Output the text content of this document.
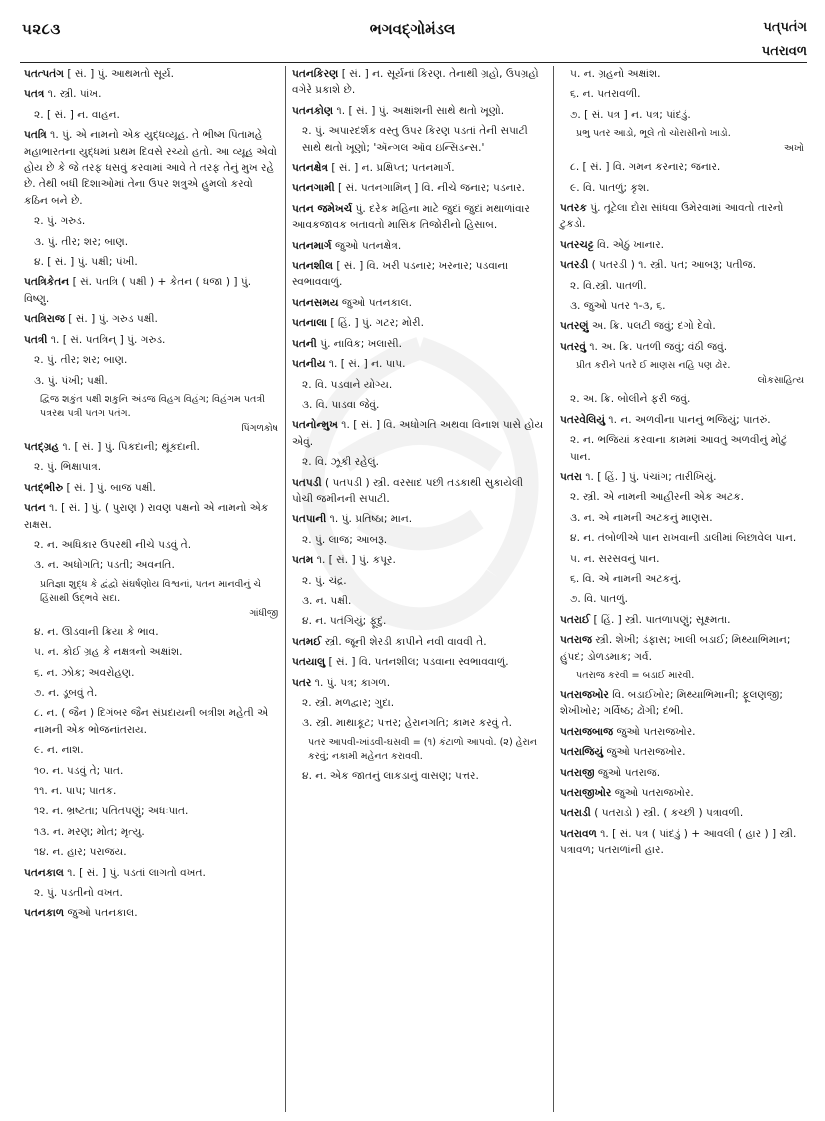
૫૨૮૩	ભગવદ્ગોમંડલ	પત્‌પતંગ
પતરાવળ
પતત્પતંગ [ સં. ] પું. આથમતો સૂર્ય.
પતત્ર ૧. સ્ત્રી. પાંખ.
૨. [ સં. ] ન. વાહન.
પતત્રિ ૧. પું. એ નામનો એક યુદ્ધવ્યૂહ. તે ભીષ્મ પિતામહે મહાભારતના યુદ્ધમાં પ્રથમ દિવસે રચ્યો હતો. આ વ્યૂહ એવો હોય છે કે જે તરફ ધસવું કરવામાં આવે તે તરફ તેનું મુખ રહે છે. તેથી બધી દિશાઓમાં તેના ઉપર શત્રુએ હુમલો કરવો કઠિન બને છે.
૨. પું. ગરુડ.
૩. પું. તીર; શર; બાણ.
૪. [ સં. ] પું. પક્ષી; પંખી.
પતત્રિકેતન [ સં. પતત્રિ ( પક્ષી ) + કેતન ( ધજા ) ] પું. વિષ્ણુ.
પતત્રિરાજ [ સં. ] પું. ગરુડ પક્ષી.
પતત્રી ૧. [ સં. પતત્રિન્ ] પું. ગરુડ.
૨. પું. તીર; શર; બાણ.
૩. પું. પંખી; પક્ષી.
દ્વિજ શકુંત પક્ષી શકુનિ અંડજ વિહગ વિહંગ; વિહંગમ પતત્રી પત્રરથ પત્રી પતગ પતંગ.
પિંગળકોષ
પતદ્ગ્રહ ૧. [ સં. ] પું. પિકદાની; થૂંકદાની.
૨. પું. ભિક્ષાપાત્ર.
પતદ્ભીરુ [ સં. ] પું. બાજ પક્ષી.
પતન ૧. [ સં. ] પું. ( પુરાણ ) રાવણ પક્ષનો એ નામનો એક રાક્ષસ.
૨. ન. અધિકાર ઉપરથી નીચે પડવું તે.
૩. ન. અધોગતિ; પડતી; અવનતિ.
પ્રતિજ્ઞા શુદ્ધ કે દ્વંદ્વો સંઘર્ષણોય વિશ્વનાં, પતન માનવીનું ચે હિંસાથી ઉદ્ભવે સદા.
ગાંધીજી
૪. ન. ઊડવાની ક્રિયા કે ભાવ.
૫. ન. કોઈ ગ્રહ કે નક્ષત્રનો અક્ષાંશ.
૬. ન. ઝોક; અવરોહણ.
૭. ન. ડૂબવું તે.
૮. ન. ( જૈન ) દિગંબર જૈન સંપ્રદાયની બત્રીશ મહેતી એ નામની એક ભોજનાંતરાય.
૯. ન. નાશ.
૧૦. ન. પડવું તે; પાત.
૧૧. ન. પાપ; પાતક.
૧૨. ન. ભ્રષ્ટતા; પતિતપણું; અધઃપાત.
૧૩. ન. મરણ; મોત; મૃત્યુ.
૧૪. ન. હાર; પરાજય.
પતનકાલ ૧. [ સં. ] પું. પડતાં લાગતો વખત.
૨. પું. પડતીનો વખત.
પતનકાળ જુઓ પતનકાલ.
પતનકિરણ [ સં. ] ન. સૂર્યનાં કિરણ. તેનાથી ગ્રહો, ઉપગ્રહો વગેરે પ્રકાશે છે.
પતનકોણ ૧. [ સં. ] પું. અક્ષાંશની સાથે થતો ખૂણો.
૨. પું. અપારદર્શક વસ્તુ ઉપર કિરણ પડતાં તેની સપાટી સાથે થતો ખૂણો; 'ઍન્ગલ ઑવ ઇન્સિડન્સ.'
પતનક્ષેત્ર [ સં. ] ન. પ્રક્ષિપ્ત; પતનમાર્ગ.
પતનગામી [ સં. પતનગામિન્ ] વિ. નીચે જનાર; પડનાર.
પતન જમેખર્ચ પું. દરેક મહિના માટે જુદાં જુદાં મથાળાંવાર આવકજાવક બતાવતો માસિક તિજોરીનો હિસાબ.
પતનમાર્ગ જુઓ પતનક્ષેત્ર.
પતનશીલ [ સં. ] વિ. ખરી પડનાર; ખરનાર; પડવાના સ્વભાવવાળું.
પતનસમય જુઓ પતનકાલ.
પતનાલા [ હિં. ] પું. ગટર; મોરી.
પતની પું. નાવિક; ખલાસી.
પતનીય ૧. [ સં. ] ન. પાપ.
૨. વિ. પડવાને યોગ્ય.
૩. વિ. પાડવા જેવું.
પતનોન્મુખ ૧. [ સં. ] વિ. અધોગતિ અથવા વિનાશ પાસે હોય એવું.
૨. વિ. ઝૂકી રહેલું.
પતપડી ( પતપડી ) સ્ત્રી. વરસાદ પછી તડકાથી સુકાયેલી પોચી જમીનની સપાટી.
પતપાની ૧. પું. પ્રતિષ્ઠા; માન.
૨. પું. લાજ; આબરૂ.
પતમ ૧. [ સં. ] પું. કપૂર.
૨. પું. ચંદ્ર.
૩. ન. પક્ષી.
૪. ન. પતંગિયું; ફૂદું.
પતમઈ સ્ત્રી. જૂની શેરડી કાપીને નવી વાવવી તે.
પતયાલુ [ સં. ] વિ. પતનશીલ; પડવાના સ્વભાવવાળું.
પતર ૧. પું. પત્ર; કાગળ.
૨. સ્ત્રી. મળદ્વાર; ગુદા.
૩. સ્ત્રી. માથાકૂટ; પત્તર; હેરાનગતિ; કામર કરવું તે.
પતર આપવી-ખાંડવી-ઘસવી = (૧) કંટાળો આપવો. (૨) હેરાન કરવું; નકામી મહેનત કરાવવી.
૪. ન. એક જાતનું લાકડાનું વાસણ; પત્તર.
૫. ન. ગ્રહનો અક્ષાંશ.
૬. ન. પતરાવળી.
૭. [ સં. પત્ર ] ન. પત્ર; પાંદડું.
પ્રભુ પતર આડો, ભૂલે તો ચોરાસીનો ખાડો.
અખો
૮. [ સં. ] વિ. ગમન કરનાર; જનાર.
૯. વિ. પાતળું; કૃશ.
પતરક પું. તૂટેલા દોરા સાંધવા ઉમેરવામાં આવતો તારનો ટુકડો.
પતરચટ્ટ વિ. એઠું ખાનાર.
પતરડી ( પતરડી ) ૧. સ્ત્રી. પત; આબરૂ; પતીજ.
૨. વિ.સ્ત્રી. પાતળી.
૩. જુઓ પતર ૧-૩, ૬.
પતરણું અ. ક્રિ. પલટી જવું; દગો દેવો.
પતરવું ૧. અ. ક્રિ. પતળી જવું; વંઠી જવું.
પ્રીત કરીને પતરે ઈ માણસ નહિ પણ ઢોર.
લોકસાહિત્ય
૨. અ. ક્રિ. બોલીને ફરી જવું.
પતરવેલિયું ૧. ન. અળવીના પાનનું ભજિયું; પાતરું.
૨. ન. ભજિયાં કરવાના કામમાં આવતું અળવીનું મોટું પાન.
પતરા ૧. [ હિં. ] પું. પંચાંગ; તારીખિયું.
૨. સ્ત્રી. એ નામની આહીરની એક અટક.
૩. ન. એ નામની અટકનું માણસ.
૪. ન. તંબોળીએ પાન રાખવાની ડાલીમાં બિછાવેલ પાન.
૫. ન. સરસવનું પાન.
૬. વિ. એ નામની અટકનું.
૭. વિ. પાતળું.
પતરાઈ [ હિં. ] સ્ત્રી. પાતળાપણું; સૂક્ષ્મતા.
પતરાજ સ્ત્રી. શેખી; ડંફાસ; ખાલી બડાઈ; મિથ્યાભિમાન; હુંપદ; ડોળડમાક; ગર્વ.
પતરાજ કરવી = બડાઈ મારવી.
પતરાજખોર વિ. બડાઈખોર; મિથ્યાભિમાની; ફૂલણજી; શેખીખોર; ગર્વિષ્ઠ; ઢોંગી; દંભી.
પતરાજબાજ જુઓ પતરાજખોર.
પતરાજિયું જુઓ પતરાજખોર.
પતરાજી જુઓ પતરાજ.
પતરાજીખોર જુઓ પતરાજખોર.
પતરાડી ( પતરાડો ) સ્ત્રી. ( કચ્છી ) પત્રાવળી.
પતરાવળ ૧. [ સં. પત્ર ( પાંદડું ) + આવલી ( હાર ) ] સ્ત્રી. પત્રાવળ; પતરાળાંની હાર.
